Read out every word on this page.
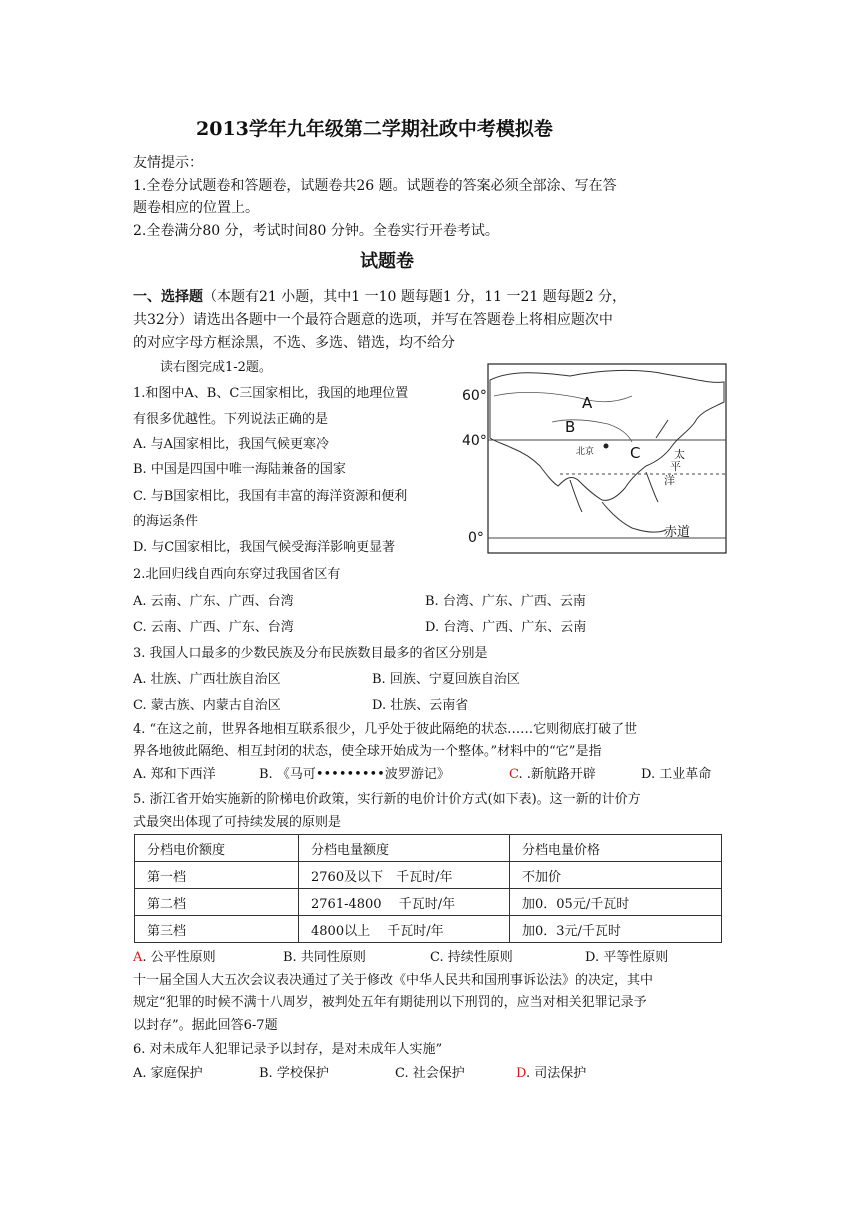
2013学年九年级第二学期社政中考模拟卷
友情提示：
1.全卷分试题卷和答题卷，试题卷共26 题。试题卷的答案必须全部涂、写在答
题卷相应的位置上。
2.全卷满分80 分，考试时间80 分钟。全卷实行开卷考试。
试题卷
一、选择题（本题有21 小题，其中1 一10 题每题1 分，11 一21 题每题2 分，
共32分）请选出各题中一个最符合题意的选项，并写在答题卷上将相应题次中
的对应字母方框涂黑，不选、多选、错选，均不给分
读右图完成1-2题。
1.和图中A、B、C三国家相比，我国的地理位置
有很多优越性。下列说法正确的是
A. 与A国家相比，我国气候更寒冷
B. 中国是四国中唯一海陆兼备的国家
C. 与B国家相比，我国有丰富的海洋资源和便利
的海运条件
D. 与C国家相比，我国气候受海洋影响更显著
60°
40°
0°
A
B
C
北京	太
平
洋
赤道
2.北回归线自西向东穿过我国省区有
A. 云南、广东、广西、台湾	B. 台湾、广东、广西、云南
C. 云南、广西、广东、台湾	D. 台湾、广西、广东、云南
3. 我国人口最多的少数民族及分布民族数目最多的省区分别是
A. 壮族、广西壮族自治区	B. 回族、宁夏回族自治区
C. 蒙古族、内蒙古自治区	D. 壮族、云南省
4. “在这之前，世界各地相互联系很少，几乎处于彼此隔绝的状态……它则彻底打破了世
界各地彼此隔绝、相互封闭的状态，使全球开始成为一个整体。”材料中的“它”是指
A. 郑和下西洋	B. 《马可•••••••••波罗游记》	C. .新航路开辟	D. 工业革命
5. 浙江省开始实施新的阶梯电价政策，实行新的电价计价方式(如下表)。这一新的计价方
式最突出体现了可持续发展的原则是
分档电价额度	分档电量额度	分档电量价格
第一档	2760及以下　千瓦时/年	不加价
第二档	2761-4800　 千瓦时/年	加0．05元/千瓦时
第三档	4800以上　 千瓦时/年	加0．3元/千瓦时
A. 公平性原则	B. 共同性原则	C. 持续性原则	D. 平等性原则
十一届全国人大五次会议表决通过了关于修改《中华人民共和国刑事诉讼法》的决定，其中
规定“犯罪的时候不满十八周岁，被判处五年有期徒刑以下刑罚的，应当对相关犯罪记录予
以封存”。据此回答6-7题
6. 对未成年人犯罪记录予以封存，是对未成年人实施”
A. 家庭保护	B. 学校保护	C. 社会保护	D. 司法保护
